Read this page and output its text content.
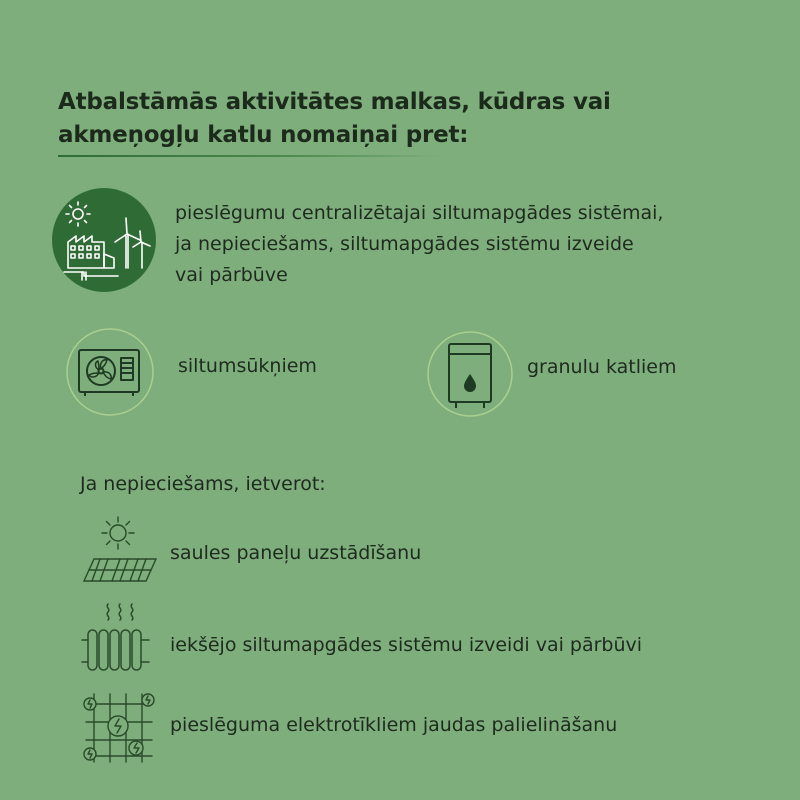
Atbalstāmās aktivitātes malkas, kūdras vai
akmeņogļu katlu nomaiņai pret:
pieslēgumu centralizētajai siltumapgādes sistēmai,
ja nepieciešams, siltumapgādes sistēmu izveide
vai pārbūve
siltumsūkņiem	granulu katliem
Ja nepieciešams, ietverot:
saules paneļu uzstādīšanu
iekšējo siltumapgādes sistēmu izveidi vai pārbūvi
pieslēguma elektrotīkliem jaudas palielināšanu
